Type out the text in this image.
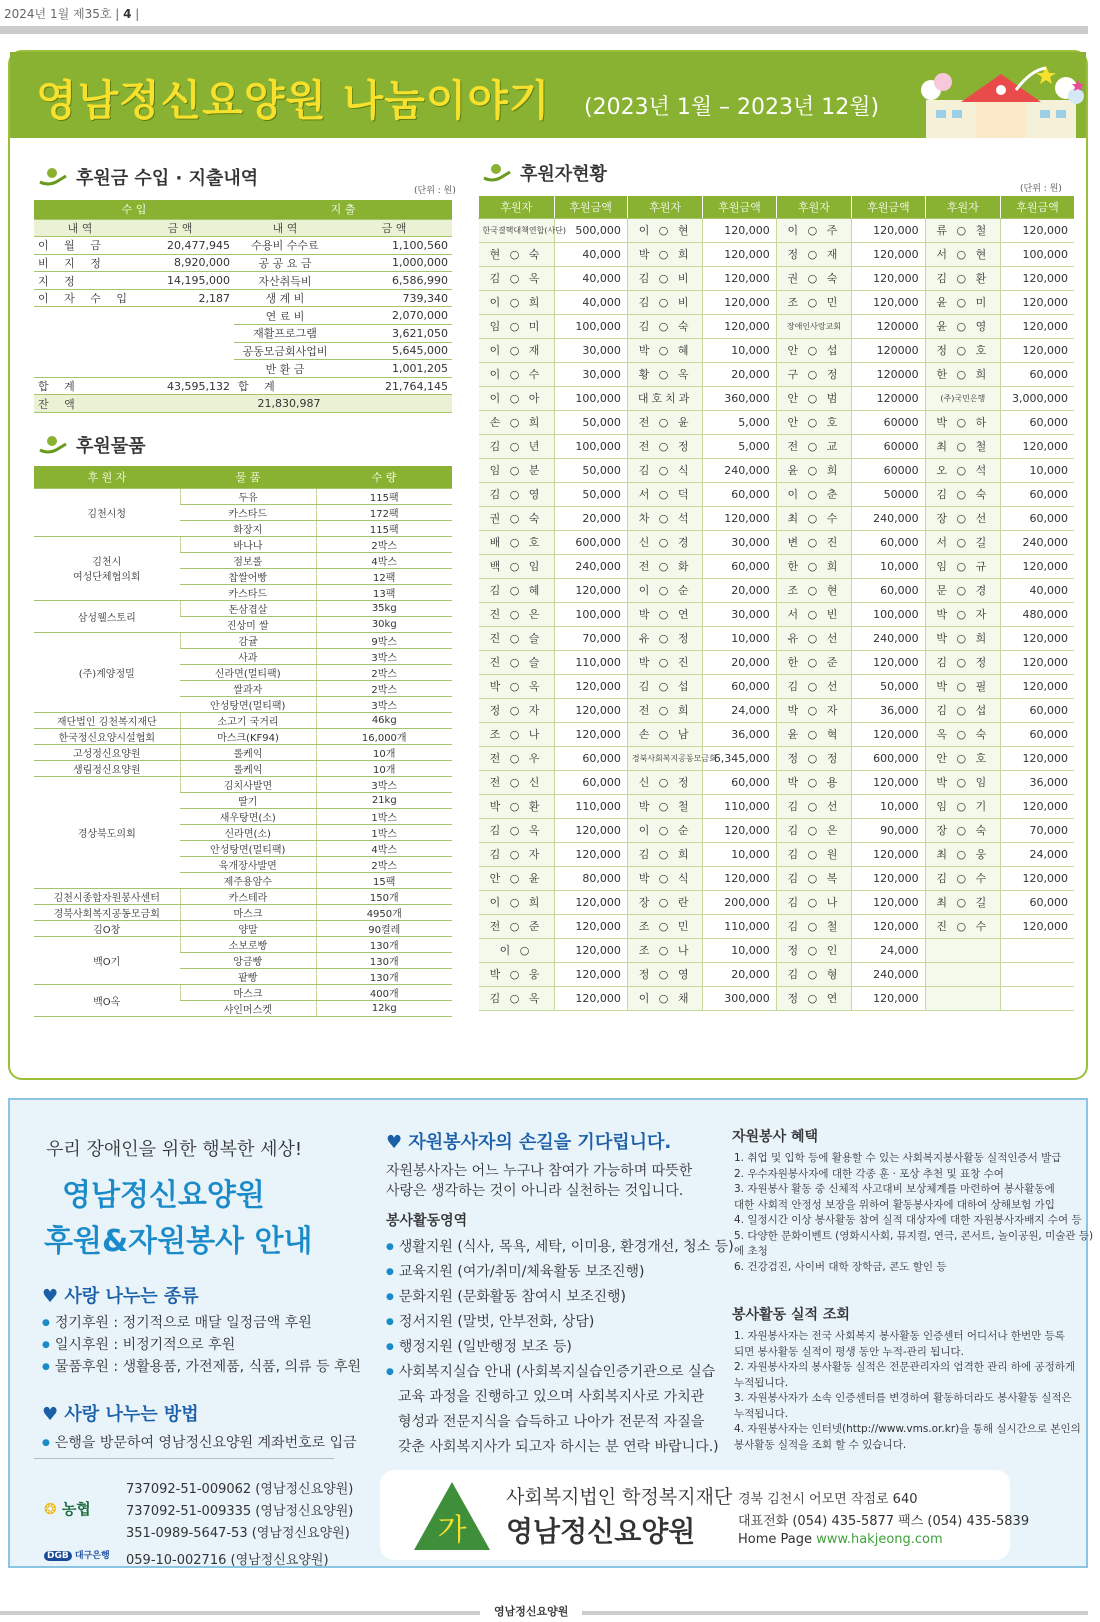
2024년 1월 제35호 | 4 |
영남정신요양원 나눔이야기 (2023년 1월 – 2023년 12월)
후원금 수입 · 지출내역
(단위 : 원)
수 입		지 출	
내 역	금 액	내 역	금 액
이 월 금	20,477,945	수용비 수수료	1,100,560
비 지 정	8,920,000	공 공 요 금	1,000,000
지 정	14,195,000	자산취득비	6,586,990
이 자 수 입	2,187	생 계 비	739,340
		연 료 비	2,070,000
		재활프로그램	3,621,050
		공동모금회사업비	5,645,000
		반 환 금	1,001,205
합 계	43,595,132	합 계	21,764,145
잔 액	21,830,987		
후원물품
후 원 자	물 품	수 량
김천시청	두유	115팩
	카스타드	172팩
	화장지	115팩
김천시
여성단체협의회	바나나	2박스
	점보롤	4박스
	찹쌀어빵	12팩
	카스타드	13팩
삼성웰스토리	돈삼겹살	35kg
	진상미 쌀	30kg
(주)계양정밀	감귤	9박스
	사과	3박스
	신라면(멀티팩)	2박스
	쌀과자	2박스
	안성탕면(멀티팩)	3박스
재단법인 김천복지재단	소고기 국거리	46kg
한국정신요양시설협회	마스크(KF94)	16,000개
고성정신요양원	롤케익	10개
생림정신요양원	롤케익	10개
경상북도의회	김치사발면	3박스
	딸기	21kg
	새우탕면(소)	1박스
	신라면(소)	1박스
	안성탕면(멀티팩)	4박스
	육개장사발면	2박스
	제주용암수	15팩
김천시종합자원봉사센터	카스테라	150개
경북사회복지공동모금회	마스크	4950개
김O창	양말	90켤레
백O기	소보로빵	130개
	앙금빵	130개
	팥빵	130개
백O옥	마스크	400개
	샤인머스켓	12kg
후원자현황
(단위 : 원)
후원자	후원금액	후원자	후원금액	후원자	후원금액	후원자	후원금액
한국결핵대책연합(사단)	500,000	이 ○ 현	120,000	이 ○ 주	120,000	류 ○ 철	120,000
현 ○ 숙	40,000	박 ○ 희	120,000	정 ○ 재	120,000	서 ○ 현	100,000
김 ○ 옥	40,000	김 ○ 비	120,000	권 ○ 숙	120,000	김 ○ 환	120,000
이 ○ 희	40,000	김 ○ 비	120,000	조 ○ 민	120,000	윤 ○ 미	120,000
임 ○ 미	100,000	김 ○ 숙	120,000	장애인사랑교회	120000	윤 ○ 영	120,000
이 ○ 재	30,000	박 ○ 혜	10,000	안 ○ 섭	120000	정 ○ 호	120,000
이 ○ 수	30,000	황 ○ 옥	20,000	구 ○ 정	120000	한 ○ 희	60,000
이 ○ 아	100,000	대호치과	360,000	안 ○ 범	120000	(주)국민은행	3,000,000
손 ○ 희	50,000	전 ○ 윤	5,000	안 ○ 호	60000	박 ○ 하	60,000
김 ○ 년	100,000	전 ○ 정	5,000	전 ○ 교	60000	최 ○ 철	120,000
임 ○ 분	50,000	김 ○ 식	240,000	윤 ○ 희	60000	오 ○ 석	10,000
김 ○ 영	50,000	서 ○ 덕	60,000	이 ○ 춘	50000	김 ○ 숙	60,000
권 ○ 숙	20,000	차 ○ 석	120,000	최 ○ 수	240,000	장 ○ 선	60,000
배 ○ 호	600,000	신 ○ 경	30,000	변 ○ 진	60,000	서 ○ 길	240,000
백 ○ 임	240,000	전 ○ 화	60,000	한 ○ 희	10,000	임 ○ 규	120,000
김 ○ 혜	120,000	이 ○ 순	20,000	조 ○ 현	60,000	문 ○ 경	40,000
진 ○ 은	100,000	박 ○ 연	30,000	서 ○ 빈	100,000	박 ○ 자	480,000
진 ○ 슬	70,000	유 ○ 정	10,000	유 ○ 선	240,000	박 ○ 희	120,000
진 ○ 슬	110,000	박 ○ 진	20,000	한 ○ 준	120,000	김 ○ 정	120,000
박 ○ 옥	120,000	김 ○ 섭	60,000	김 ○ 선	50,000	박 ○ 필	120,000
정 ○ 자	120,000	전 ○ 희	24,000	박 ○ 자	36,000	김 ○ 섭	60,000
조 ○ 나	120,000	손 ○ 남	36,000	윤 ○ 혁	120,000	옥 ○ 숙	60,000
전 ○ 우	60,000	경북사회복지공동모금회	6,345,000	정 ○ 정	600,000	안 ○ 호	120,000
전 ○ 신	60,000	신 ○ 정	60,000	박 ○ 용	120,000	박 ○ 임	36,000
박 ○ 환	110,000	박 ○ 철	110,000	김 ○ 선	10,000	임 ○ 기	120,000
김 ○ 옥	120,000	이 ○ 순	120,000	김 ○ 은	90,000	장 ○ 숙	70,000
김 ○ 자	120,000	김 ○ 희	10,000	김 ○ 원	120,000	최 ○ 웅	24,000
안 ○ 윤	80,000	박 ○ 식	120,000	김 ○ 복	120,000	김 ○ 수	120,000
이 ○ 희	120,000	장 ○ 란	200,000	김 ○ 나	120,000	최 ○ 길	60,000
전 ○ 준	120,000	조 ○ 민	110,000	김 ○ 철	120,000	진 ○ 수	120,000
이 ○	120,000	조 ○ 나	10,000	정 ○ 인	24,000		
박 ○ 웅	120,000	정 ○ 영	20,000	김 ○ 형	240,000		
김 ○ 옥	120,000	이 ○ 채	300,000	정 ○ 연	120,000		
우리 장애인을 위한 행복한 세상!
영남정신요양원
후원&자원봉사 안내
♥ 사랑 나누는 종류
● 정기후원 : 정기적으로 매달 일정금액 후원
● 일시후원 : 비정기적으로 후원
● 물품후원 : 생활용품, 가전제품, 식품, 의류 등 후원
♥ 사랑 나누는 방법
● 은행을 방문하여 영남정신요양원 계좌번호로 입금
❂ 농협
DGB 대구은행
737092-51-009062 (영남정신요양원)
737092-51-009335 (영남정신요양원)
351-0989-5647-53 (영남정신요양원)
059-10-002716 (영남정신요양원)
♥ 자원봉사자의 손길을 기다립니다.
자원봉사자는 어느 누구나 참여가 가능하며 따뜻한
사랑은 생각하는 것이 아니라 실천하는 것입니다.
봉사활동영역
● 생활지원 (식사, 목욕, 세탁, 이미용, 환경개선, 청소 등)
● 교육지원 (여가/취미/체육활동 보조진행)
● 문화지원 (문화활동 참여시 보조진행)
● 정서지원 (말벗, 안부전화, 상담)
● 행정지원 (일반행정 보조 등)
● 사회복지실습 안내 (사회복지실습인증기관으로 실습
교육 과정을 진행하고 있으며 사회복지사로 가치관
형성과 전문지식을 습득하고 나아가 전문적 자질을
갖춘 사회복지사가 되고자 하시는 분 연락 바랍니다.)
자원봉사 혜택
봉사활동 실적 조회
가
사회복지법인 학정복지재단
영남정신요양원
경북 김천시 어모면 작점로 640
대표전화 (054) 435-5877 팩스 (054) 435-5839
Home Page www.hakjeong.com
영남정신요양원
1. 취업 및 입학 등에 활용할 수 있는 사회복지봉사활동 실적인증서 발급
2. 우수자원봉사자에 대한 각종 훈 · 포상 추천 및 표창 수여
3. 자원봉사 활동 중 신체적 사고대비 보상체계를 마련하여 봉사활동에
대한 사회적 안정성 보장을 위하여 활동봉사자에 대하여 상해보험 가입
4. 일정시간 이상 봉사활동 참여 실적 대상자에 대한 자원봉사자배지 수여 등
5. 다양한 문화이벤트 (영화시사회, 뮤지컬, 연극, 콘서트, 놀이공원, 미술관 등)
에 초청
6. 건강검진, 사이버 대학 장학금, 콘도 할인 등
1. 자원봉사자는 전국 사회복지 봉사활동 인증센터 어디서나 한번만 등록
되면 봉사활동 실적이 평생 동안 누적-관리 됩니다.
2. 자원봉사자의 봉사활동 실적은 전문관리자의 엄격한 관리 하에 공정하게
누적됩니다.
3. 자원봉사자가 소속 인증센터를 변경하여 활동하더라도 봉사활동 실적은
누적됩니다.
4. 자원봉사자는 인터넷(http://www.vms.or.kr)을 통해 실시간으로 본인의
봉사활동 실적을 조회 할 수 있습니다.
